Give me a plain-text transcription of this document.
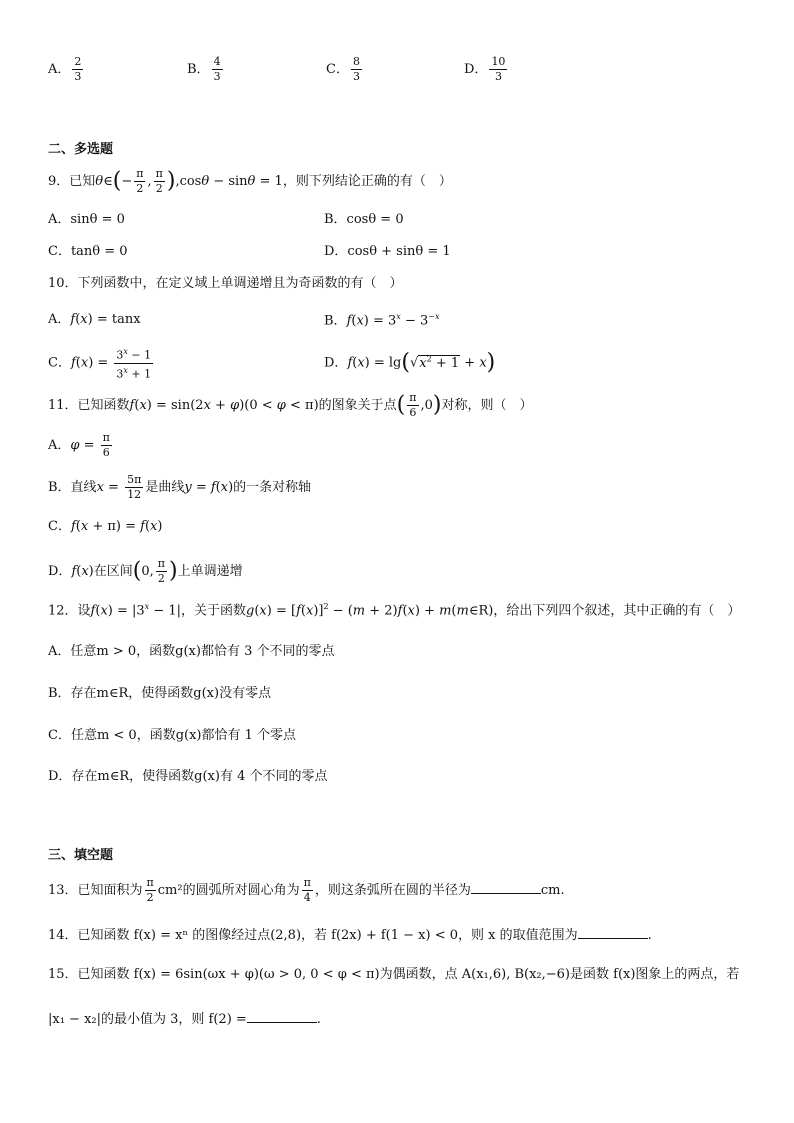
A． $\frac{2}{3}$	B． $\frac{4}{3}$	C． $\frac{8}{3}$	D． $\frac{10}{3}$
二、多选题
9．已知θ∈(− $\frac{\pi}{2}$ , $\frac{\pi}{2} ),\cos\theta - \sin\theta = 1$，则下列结论正确的有（　）
A．sinθ = 0	B．cosθ = 0
C．tanθ = 0	D．cosθ + sinθ = 1
10．下列函数中，在定义域上单调递增且为奇函数的有（　）
A．f(x) = tanx	B．$f(x) = 3^x - 3^{-x}$
C．$f(x) = \frac{3^x - 1}{3^x + 1}$	D．$f(x) = \lg(√x^2 + 1 + x)$
11．已知函数f(x) = sin(2x + φ)(0 < φ < π)的图象关于点( $\frac{\pi}{6} ,0$)对称，则（　）
A．$\varphi = \frac{\pi}{6}$
B．直线$x = \frac{5\pi}{12}$ 是曲线y = f(x)的一条对称轴
C．f(x + π) = f(x)
D．f(x)在区间(0, $\frac{\pi}{2}$ )上单调递增
12．设$f(x) = |3^x - 1|$，关于函数$g(x) = [f(x)]^2 - (m + 2)f(x)$ + m(m∈R)，给出下列四个叙述，其中正确的有（　）
A．任意m > 0，函数g(x)都恰有 3 个不同的零点
B．存在m∈R，使得函数g(x)没有零点
C．任意m < 0，函数g(x)都恰有 1 个零点
D．存在m∈R，使得函数g(x)有 4 个不同的零点
三、填空题
13．已知面积为 $\frac{\pi}{2} cm^2$的圆弧所对圆心角为 $\frac{\pi}{4}$ ，则这条弧所在圆的半径为	cm.
14．已知函数 f(x) = xⁿ 的图像经过点(2,8)，若 f(2x) + f(1 − x) < 0，则 x 的取值范围为	.
15．已知函数 f(x) = 6sin(ωx + φ)(ω > 0, 0 < φ < π)为偶函数，点 A(x₁,6), B(x₂,−6)是函数 f(x)图象上的两点，若
|x₁ − x₂|的最小值为 3，则 f(2) =	.
